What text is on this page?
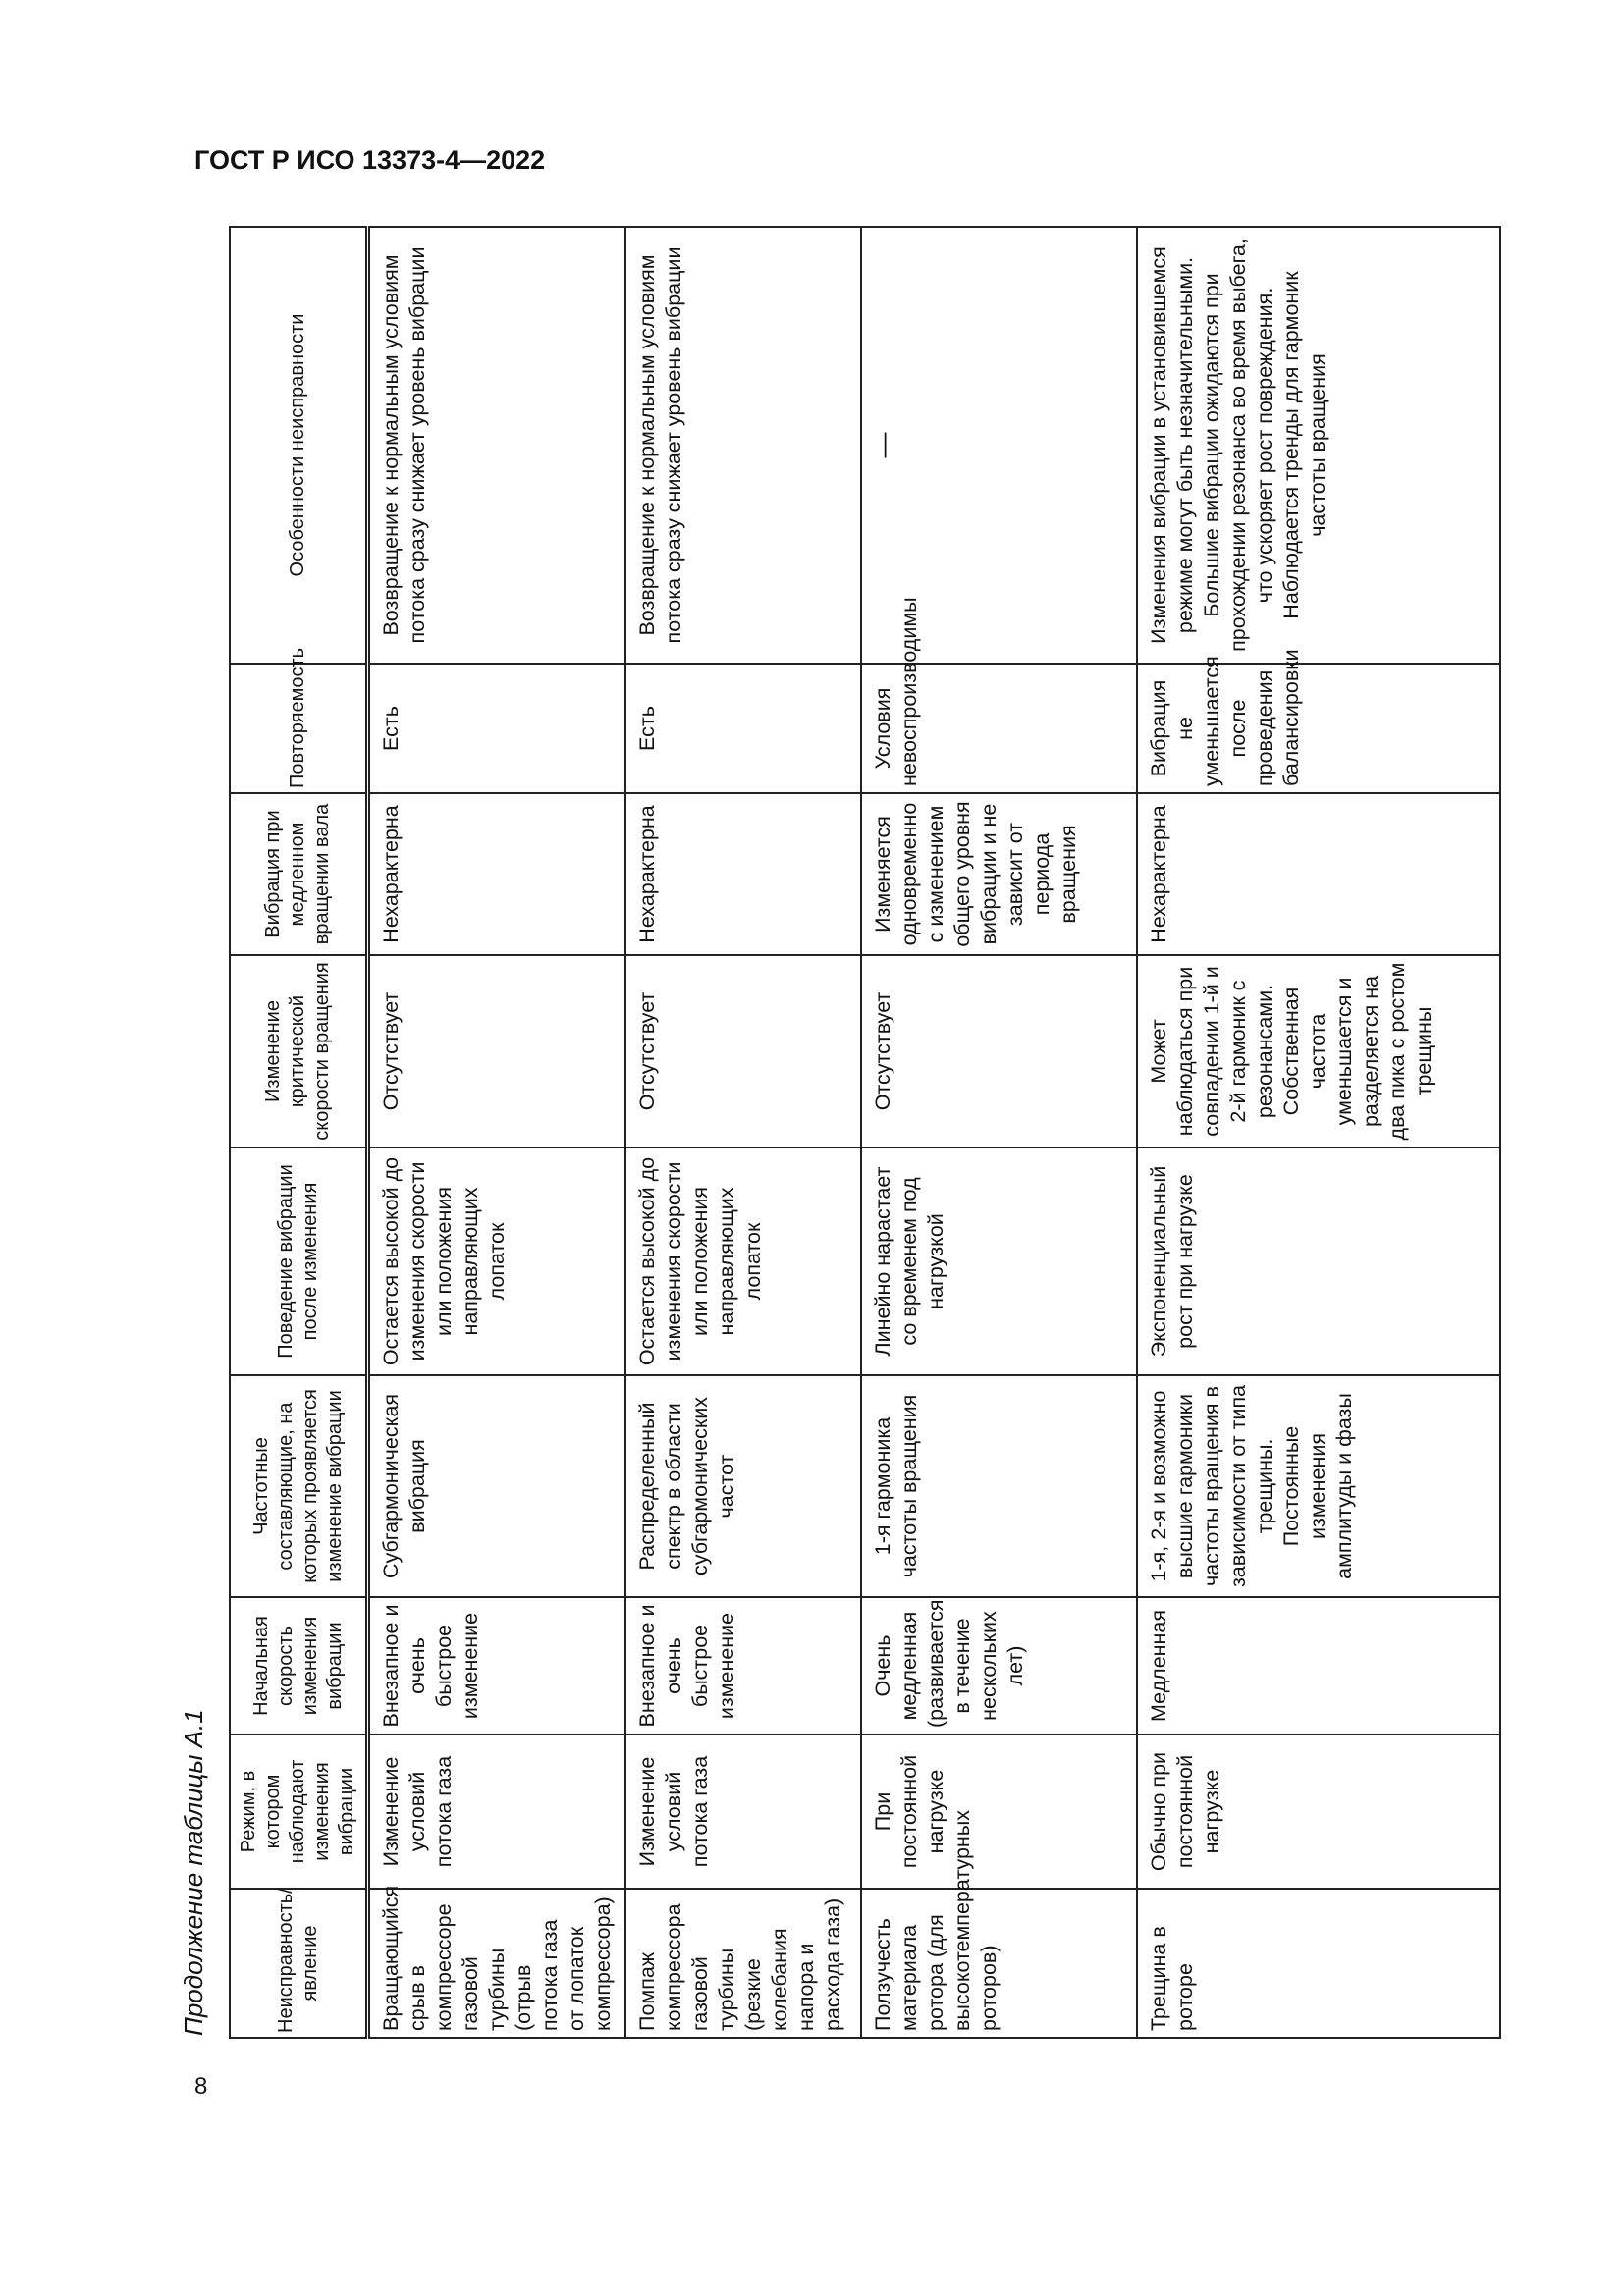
ГОСТ Р ИСО 13373-4—2022
Продолжение таблицы А.1
8
Неисправность/ явление	Режим, в котором наблюдают изменения вибрации	Начальная скорость изменения вибрации	Частотные составляющие, на которых проявляется изменение вибрации	Поведение вибрации после изменения	Изменение критической скорости вращения	Вибрация при медленном вращении вала	Повторяемость	Особенности неисправности
Вращающийся срыв в компрессоре газовой турбины (отрыв потока газа от лопаток компрессора)	Изменение условий потока газа	Внезапное и очень быстрое изменение	Субгармоническая вибрация	Остается высокой до изменения скорости или положения направляющих лопаток	Отсутствует	Нехарактерна	Есть	Возвращение к нормальным условиям потока сразу снижает уровень вибрации
Помпаж компрессора газовой турбины (резкие колебания напора и расхода газа)	Изменение условий потока газа	Внезапное и очень быстрое изменение	Распределенный спектр в области субгармонических частот	Остается высокой до изменения скорости или положения направляющих лопаток	Отсутствует	Нехарактерна	Есть	Возвращение к нормальным условиям потока сразу снижает уровень вибрации
Ползучесть материала ротора (для высокотемпературных роторов)	При постоянной нагрузке	Очень медленная (развивается в течение нескольких лет)	1-я гармоника частоты вращения	Линейно нарастает со временем под нагрузкой	Отсутствует	Изменяется одновременно с изменением общего уровня вибрации и не зависит от периода вращения	Условия невоспроизводимы	—
Трещина в роторе	Обычно при постоянной нагрузке	Медленная	1-я, 2-я и возможно высшие гармоники частоты вращения в зависимости от типа трещины. Постоянные изменения амплитуды и фазы	Экспоненциальный рост при нагрузке	Может наблюдаться при совпадении 1-й и 2-й гармоник с резонансами. Собственная частота уменьшается и разделяется на два пика с ростом трещины	Нехарактерна	Вибрация не уменьшается после проведения балансировки	Изменения вибрации в установившемся режиме могут быть незначительными. Большие вибрации ожидаются при прохождении резонанса во время выбега, что ускоряет рост повреждения. Наблюдается тренды для гармоник частоты вращения
